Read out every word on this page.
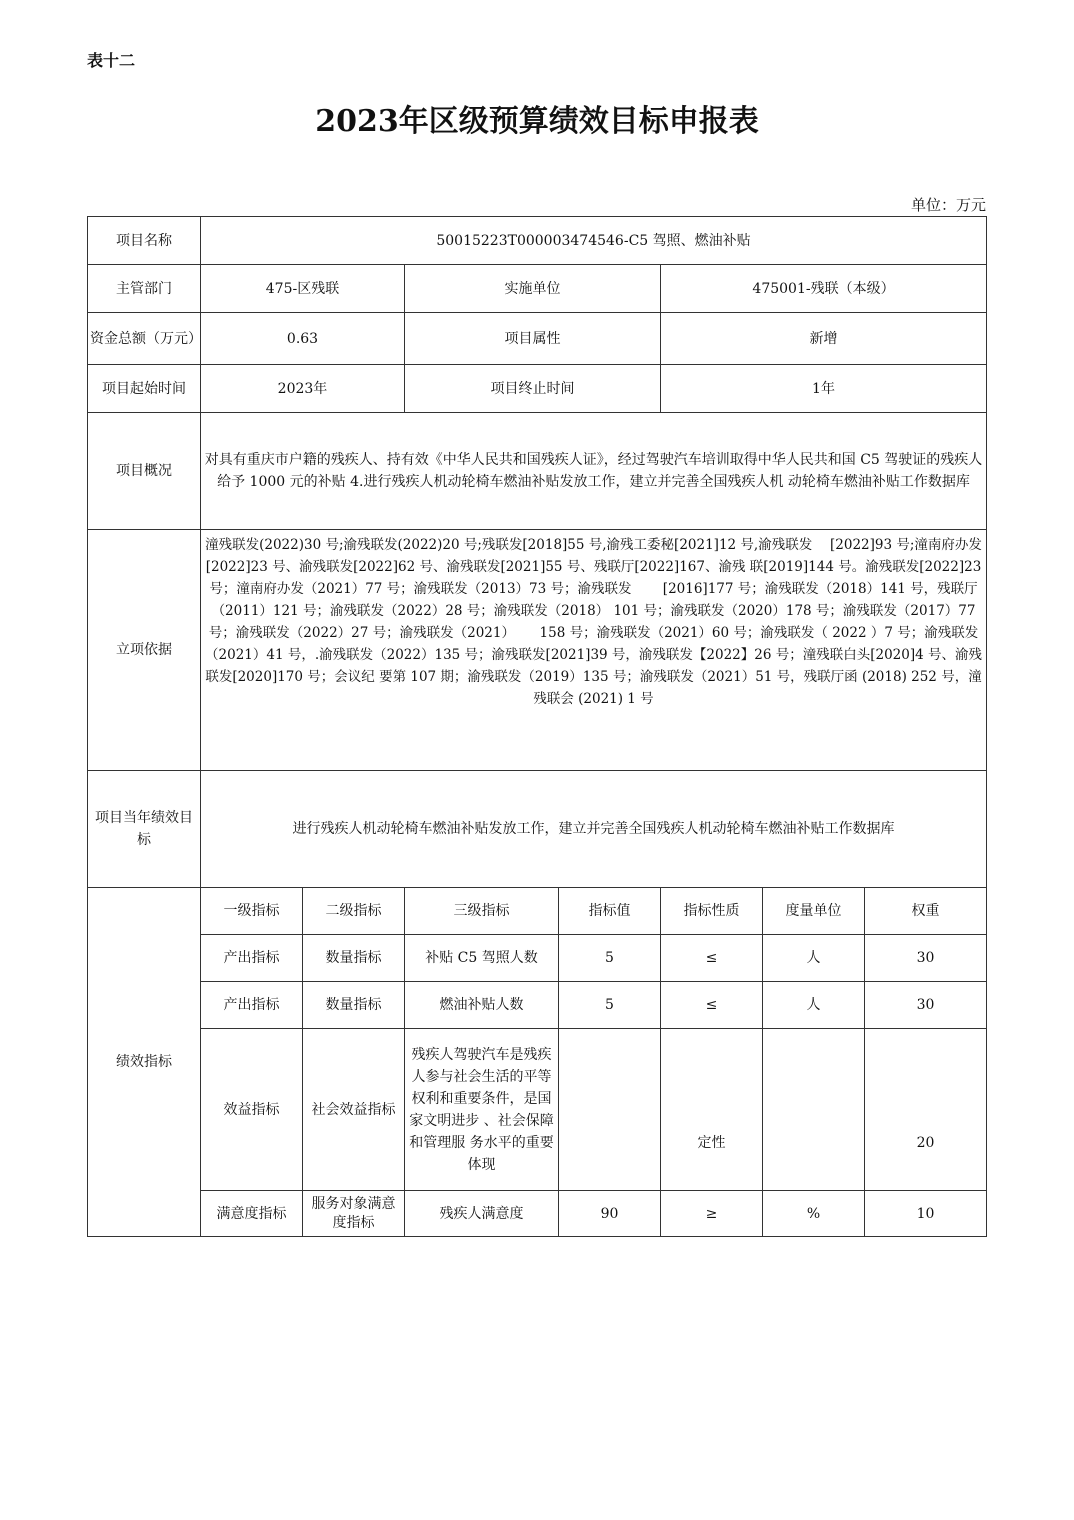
表十二
2023年区级预算绩效目标申报表
单位：万元
项目名称	50015223T000003474546-C5 驾照、燃油补贴						
主管部门	475-区残联		实施单位		475001-残联（本级）		
资金总额（万元）	0.63		项目属性		新增		
项目起始时间	2023年		项目终止时间		1年		
项目概况	对具有重庆市户籍的残疾人、持有效《中华人民共和国残疾人证》，经过驾驶汽车培训取得中华人民共和国 C5 驾驶证的残疾人给予 1000 元的补贴 4.进行残疾人机动轮椅车燃油补贴发放工作，建立并完善全国残疾人机 动轮椅车燃油补贴工作数据库						
立项依据	潼残联发(2022)30 号;渝残联发(2022)20 号;残联发[2018]55 号,渝残工委秘[2021]12 号,渝残联发　 [2022]93 号;潼南府办发[2022]23 号、渝残联发[2022]62 号、渝残联发[2021]55 号、残联厅[2022]167、渝残 联[2019]144 号。渝残联发[2022]23 号；潼南府办发（2021）77 号；渝残联发（2013）73 号；渝残联发　　 [2016]177 号；渝残联发（2018）141 号，残联厅（2011）121 号；渝残联发（2022）28 号；渝残联发（2018） 101 号；渝残联发（2020）178 号；渝残联发（2017）77 号；渝残联发（2022）27 号；渝残联发（2021）　　 158 号；渝残联发（2021）60 号；渝残联发（ 2022 ）7 号；渝残联发（2021）41 号，.渝残联发（2022）135 号；渝残联发[2021]39 号，渝残联发【2022】26 号；潼残联白头[2020]4 号、渝残联发[2020]170 号；会议纪 要第 107 期；渝残联发（2019）135 号；渝残联发（2021）51 号，残联厅函 (2018) 252 号，潼残联会 (2021) 1 号						
项目当年绩效目标	进行残疾人机动轮椅车燃油补贴发放工作，建立并完善全国残疾人机动轮椅车燃油补贴工作数据库						
绩效指标	一级指标	二级指标	三级指标	指标值	指标性质	度量单位	权重
	产出指标	数量指标	补贴 C5 驾照人数	5	≤	人	30
	产出指标	数量指标	燃油补贴人数	5	≤	人	30
	效益指标	社会效益指标	残疾人驾驶汽车是残疾人参与社会生活的平等权利和重要条件，是国家文明进步 、社会保障和管理服 务水平的重要体现		定性		20
	满意度指标	服务对象满意度指标	残疾人满意度	90	≥	%	10
